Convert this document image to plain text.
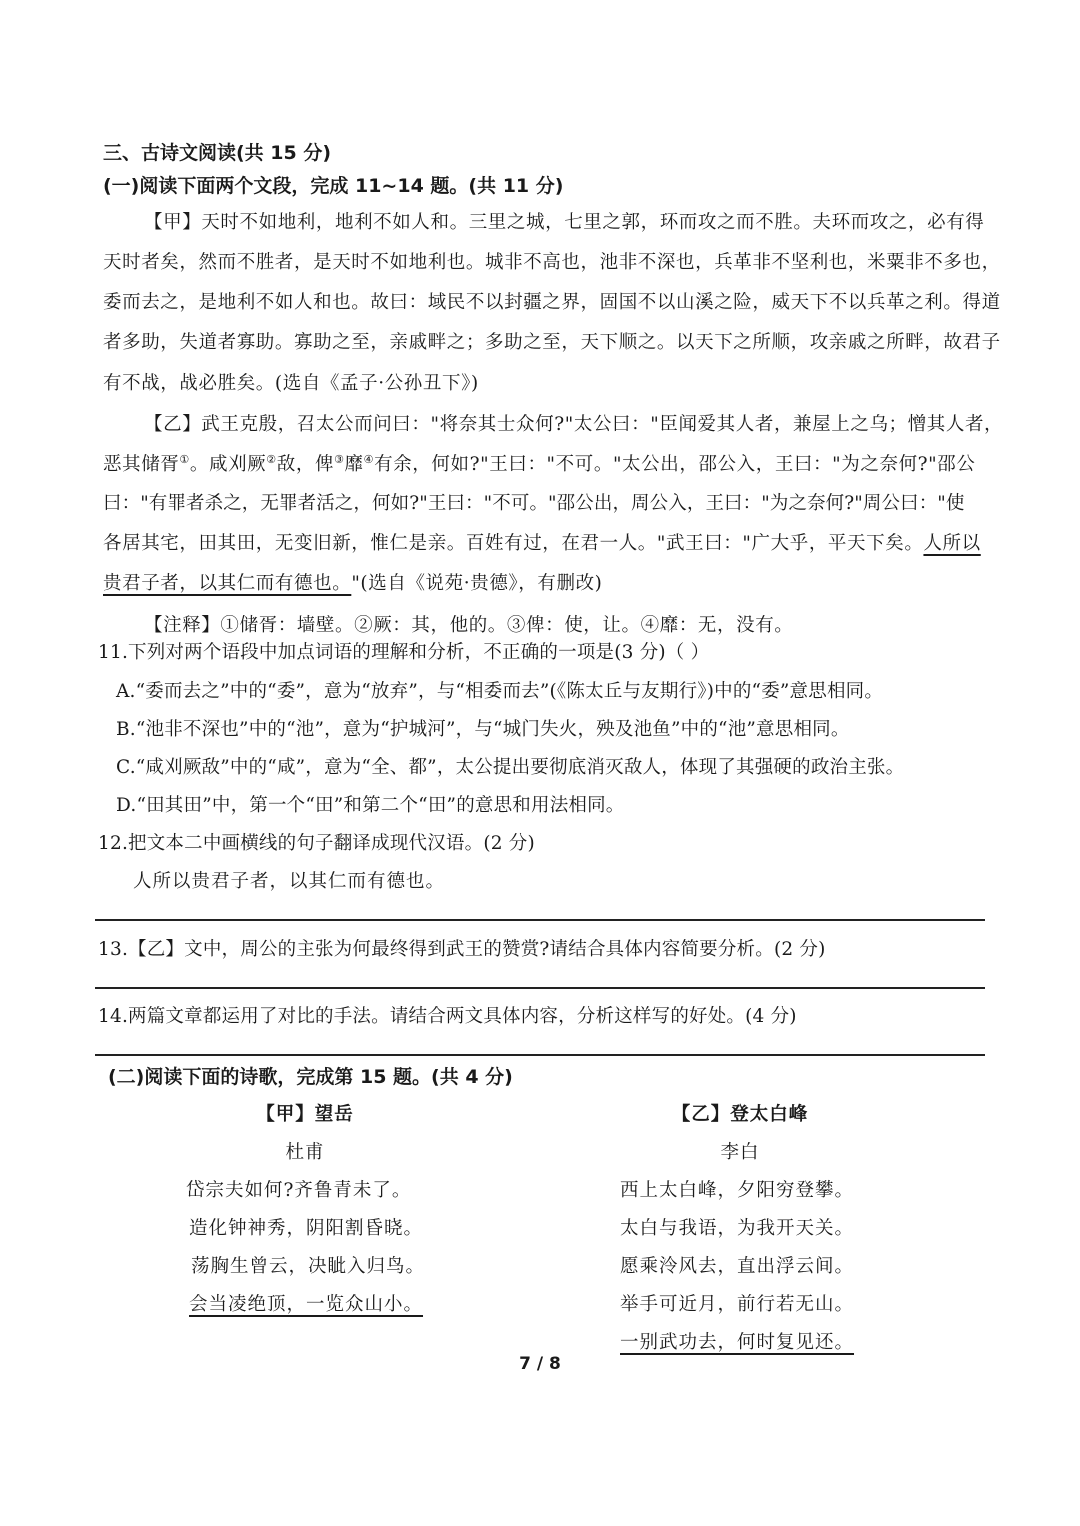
三、古诗文阅读(共 15 分)
(一)阅读下面两个文段，完成 11~14 题。(共 11 分)
【甲】天时不如地利，地利不如人和。三里之城，七里之郭，环而攻之而不胜。夫环而攻之，必有得
天时者矣，然而不胜者，是天时不如地利也。城非不高也，池非不深也，兵革非不坚利也，米粟非不多也，
委而去之，是地利不如人和也。故曰：域民不以封疆之界，固国不以山溪之险，威天下不以兵革之利。得道
者多助，失道者寡助。寡助之至，亲戚畔之；多助之至，天下顺之。以天下之所顺，攻亲戚之所畔，故君子
有不战，战必胜矣。(选自《孟子·公孙丑下》)
【乙】武王克殷，召太公而问曰："将奈其士众何?"太公曰："臣闻爱其人者，兼屋上之乌；憎其人者，
恶其储胥①。咸刈厥②敌，俾③靡④有余，何如?"王曰："不可。"太公出，邵公入，王曰："为之奈何?"邵公
曰："有罪者杀之，无罪者活之，何如?"王曰："不可。"邵公出，周公入，王曰："为之奈何?"周公曰："使
各居其宅，田其田，无变旧新，惟仁是亲。百姓有过，在君一人。"武王曰："广大乎，平天下矣。人所以
贵君子者，以其仁而有德也。"(选自《说苑·贵德》，有删改)
【注释】①储胥：墙壁。②厥：其，他的。③俾：使，让。④靡：无，没有。
11.下列对两个语段中加点词语的理解和分析，不正确的一项是(3 分)（ ）
A.“委而去之”中的“委”，意为“放弃”，与“相委而去”(《陈太丘与友期行》)中的“委”意思相同。
B.“池非不深也”中的“池”，意为“护城河”，与“城门失火，殃及池鱼”中的“池”意思相同。
C.“咸刈厥敌”中的“咸”，意为“全、都”，太公提出要彻底消灭敌人，体现了其强硬的政治主张。
D.“田其田”中，第一个“田”和第二个“田”的意思和用法相同。
12.把文本二中画横线的句子翻译成现代汉语。(2 分)
人所以贵君子者，以其仁而有德也。
13.【乙】文中，周公的主张为何最终得到武王的赞赏?请结合具体内容简要分析。(2 分)
14.两篇文章都运用了对比的手法。请结合两文具体内容，分析这样写的好处。(4 分)
(二)阅读下面的诗歌，完成第 15 题。(共 4 分)
【甲】望岳
杜甫
岱宗夫如何?齐鲁青未了。
造化钟神秀，阴阳割昏晓。
荡胸生曾云，决眦入归鸟。
会当凌绝顶，一览众山小。
【乙】登太白峰
李白
西上太白峰，夕阳穷登攀。
太白与我语，为我开天关。
愿乘泠风去，直出浮云间。
举手可近月，前行若无山。
一别武功去，何时复见还。
7 / 8
